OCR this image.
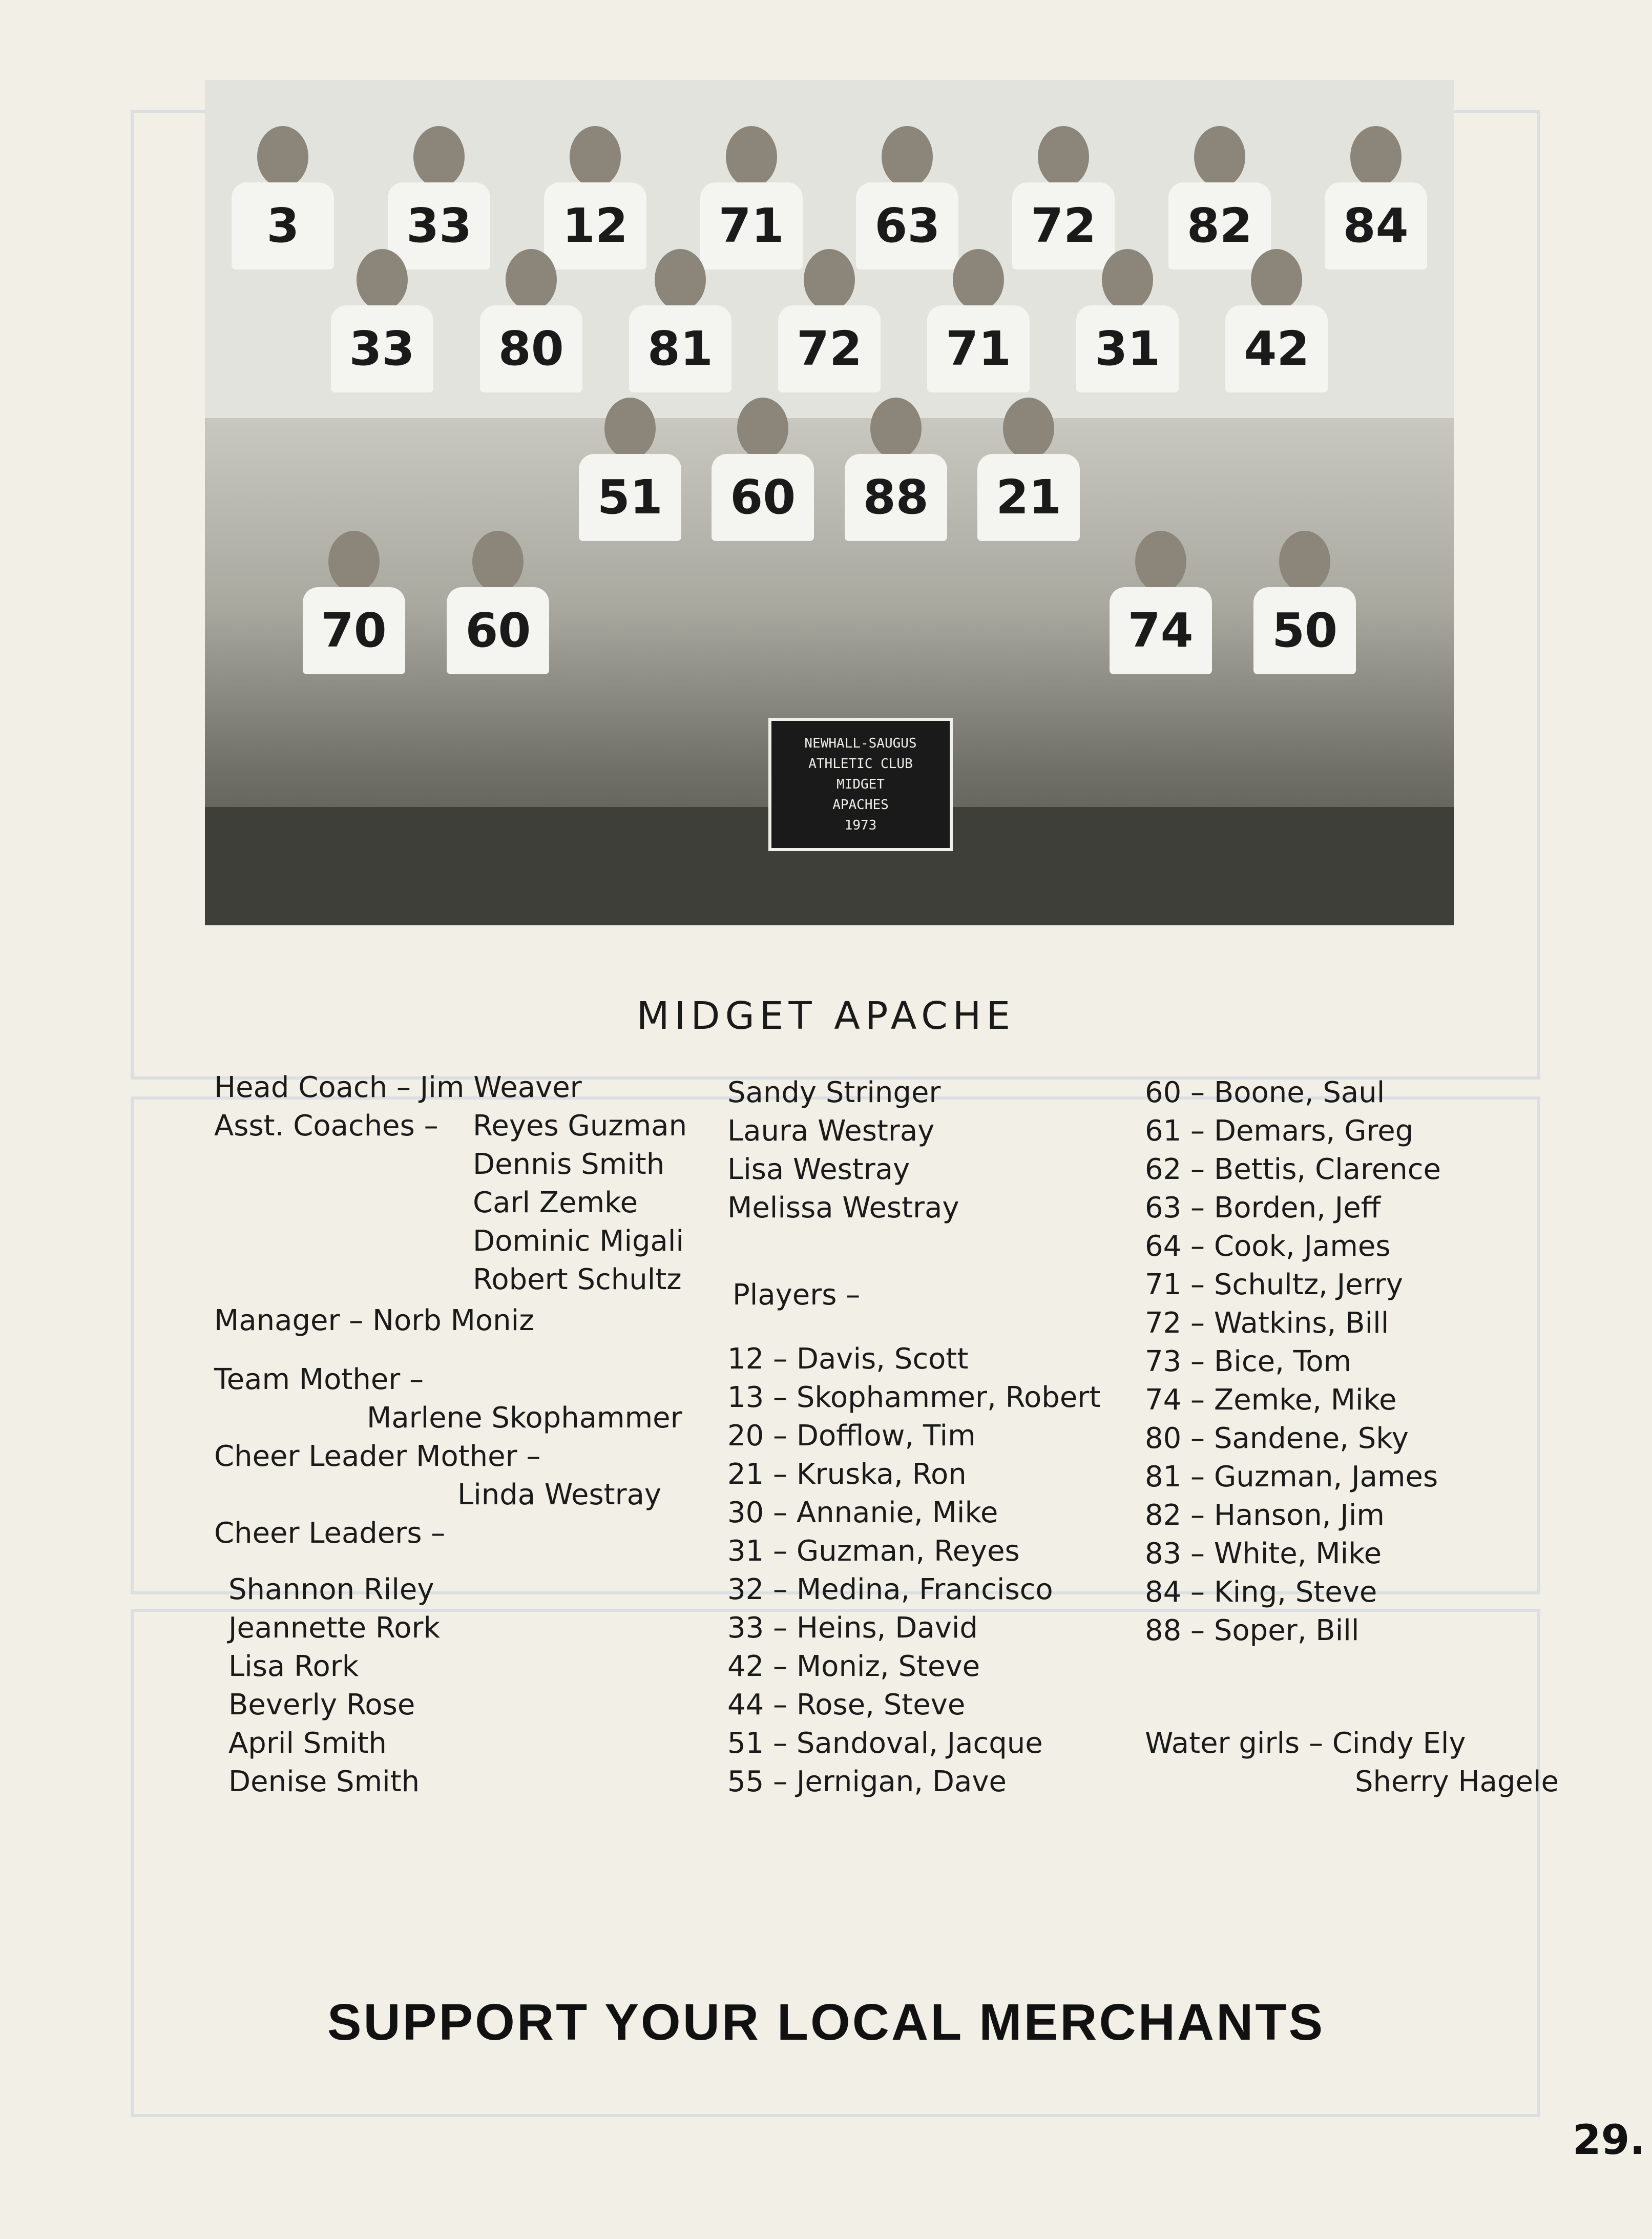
3	33	12	71	63	72	82	84
33	80	81	72	71	31	42
51	60	88	21
70	60	74	50
NEWHALL-SAUGUS
ATHLETIC CLUB
MIDGET
APACHES
1973
MIDGET APACHE
Head Coach – Jim Weaver
Asst. Coaches – Reyes Guzman
Dennis Smith
Carl Zemke
Dominic Migali
Robert Schultz
Manager – Norb Moniz
Team Mother –
Marlene Skophammer
Cheer Leader Mother –
Linda Westray
Cheer Leaders –
Shannon Riley
Jeannette Rork
Lisa Rork
Beverly Rose
April Smith
Denise Smith
Sandy Stringer
Laura Westray
Lisa Westray
Melissa Westray
Players –
12 – Davis, Scott
13 – Skophammer, Robert
20 – Dofflow, Tim
21 – Kruska, Ron
30 – Annanie, Mike
31 – Guzman, Reyes
32 – Medina, Francisco
33 – Heins, David
42 – Moniz, Steve
44 – Rose, Steve
51 – Sandoval, Jacque
55 – Jernigan, Dave
60 – Boone, Saul
61 – Demars, Greg
62 – Bettis, Clarence
63 – Borden, Jeff
64 – Cook, James
71 – Schultz, Jerry
72 – Watkins, Bill
73 – Bice, Tom
74 – Zemke, Mike
80 – Sandene, Sky
81 – Guzman, James
82 – Hanson, Jim
83 – White, Mike
84 – King, Steve
88 – Soper, Bill
Water girls – Cindy Ely
Sherry Hagele
SUPPORT YOUR LOCAL MERCHANTS
29.
